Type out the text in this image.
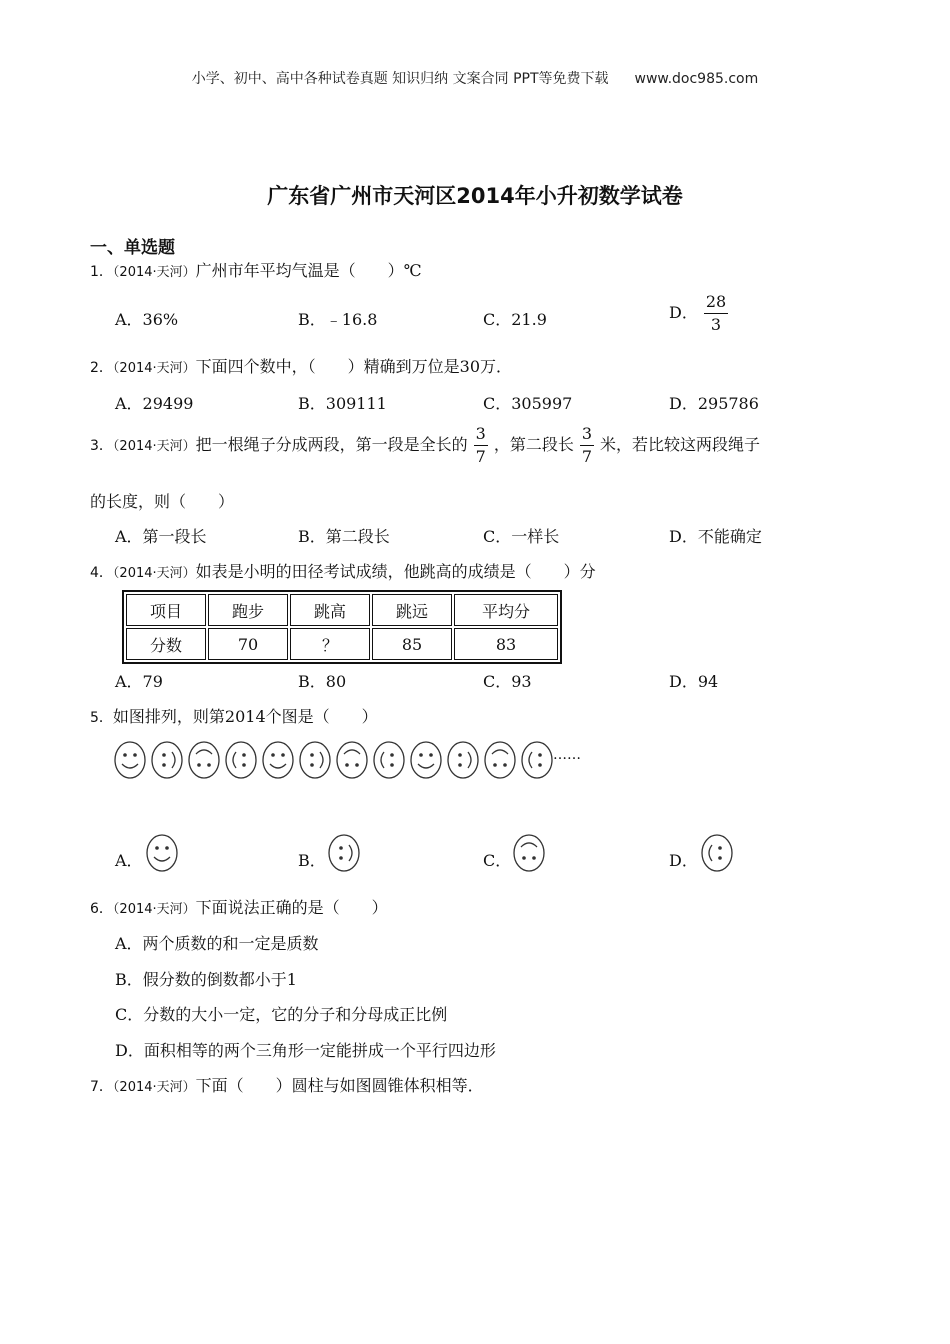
小学、初中、高中各种试卷真题 知识归纳 文案合同 PPT等免费下载 www.doc985.com
广东省广州市天河区2014年小升初数学试卷
一、单选题
1．（2014·天河）广州市年平均气温是（　　）℃
A．36%	B．﹣16.8	C．21.9	D． $\frac{28}{3}$
2．（2014·天河）下面四个数中，（　　）精确到万位是30万．
A．29499	B．309111	C．305997	D．295786
3．（2014·天河）把一根绳子分成两段，第一段是全长的 $\frac{3}{7}$ ，第二段长 $\frac{3}{7}$ 米，若比较这两段绳子
的长度，则（　　）
A．第一段长	B．第二段长	C．一样长	D．不能确定
4．（2014·天河）如表是小明的田径考试成绩，他跳高的成绩是（　　）分
项目	跑步	跳高	跳远	平均分
分数	70	？	85	83
A．79	B．80	C．93	D．94
5．如图排列，则第2014个图是（　　）
……
A．	B．	C．	D．
6．（2014·天河）下面说法正确的是（　　）
A．两个质数的和一定是质数
B．假分数的倒数都小于1
C．分数的大小一定，它的分子和分母成正比例
D．面积相等的两个三角形一定能拼成一个平行四边形
7．（2014·天河）下面（　　）圆柱与如图圆锥体积相等．
